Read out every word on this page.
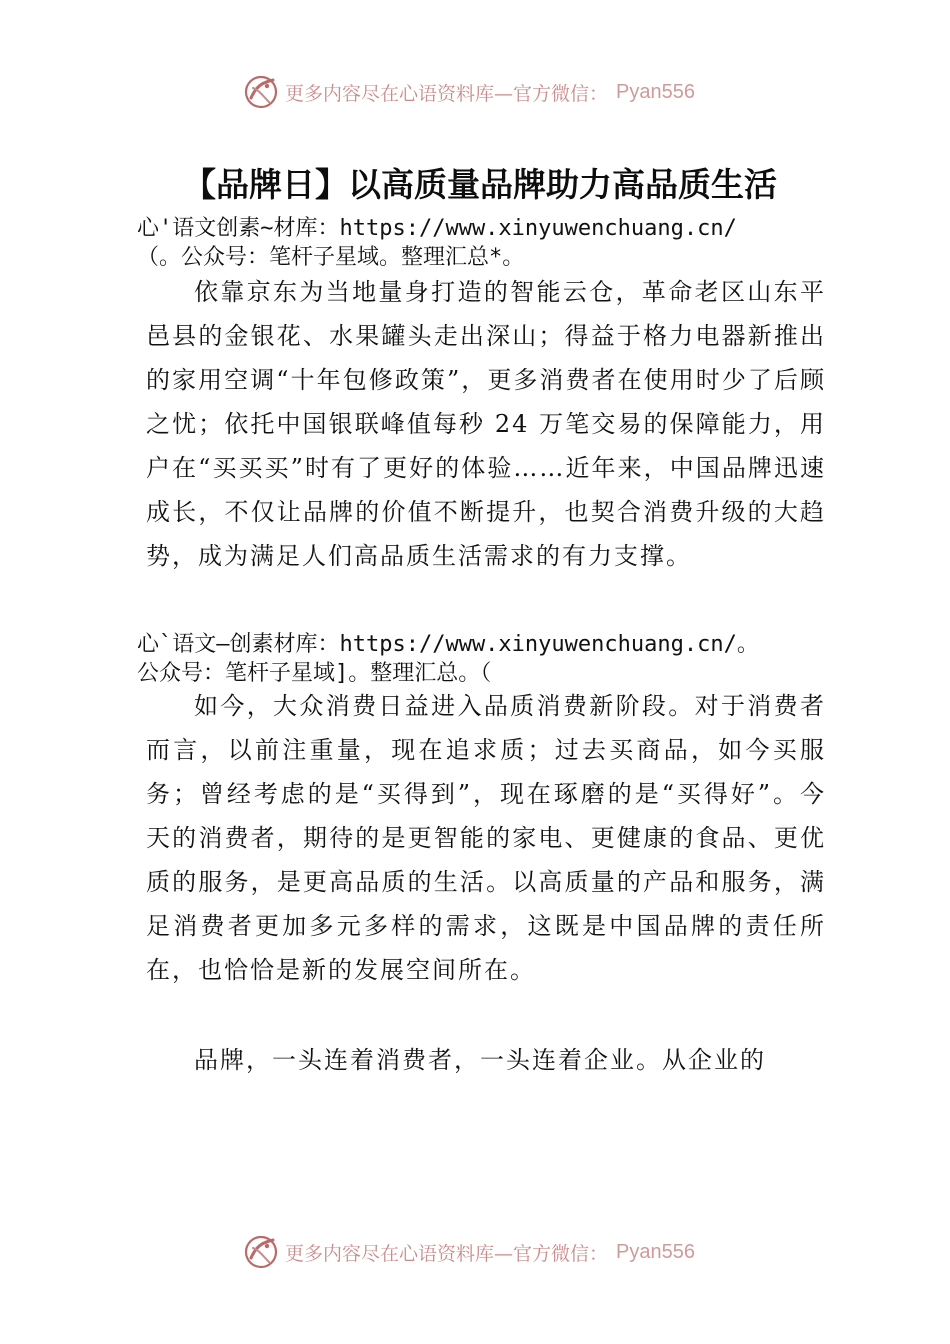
更多内容尽在心语资料库—官方微信： Pyan556
【品牌日】以高质量品牌助力高品质生活
心'语文创素~材库：https://www.xinyuwenchuang.cn/
（。公众号：笔杆子星域。整理汇总*。

依靠京东为当地量身打造的智能云仓，革命老区山东平邑县的金银花、水果罐头走出深山；得益于格力电器新推出的家用空调“十年包修政策”，更多消费者在使用时少了后顾之忧；依托中国银联峰值每秒 24 万笔交易的保障能力，用户在“买买买”时有了更好的体验……近年来，中国品牌迅速成长，不仅让品牌的价值不断提升，也契合消费升级的大趋势，成为满足人们高品质生活需求的有力支撑。

心`语文—创素材库：https://www.xinyuwenchuang.cn/。
公众号：笔杆子星域]。整理汇总。（

如今，大众消费日益进入品质消费新阶段。对于消费者而言，以前注重量，现在追求质；过去买商品，如今买服务；曾经考虑的是“买得到”，现在琢磨的是“买得好”。今天的消费者，期待的是更智能的家电、更健康的食品、更优质的服务，是更高品质的生活。以高质量的产品和服务，满足消费者更加多元多样的需求，这既是中国品牌的责任所在，也恰恰是新的发展空间所在。

品牌，一头连着消费者，一头连着企业。从企业的

更多内容尽在心语资料库—官方微信： Pyan556
